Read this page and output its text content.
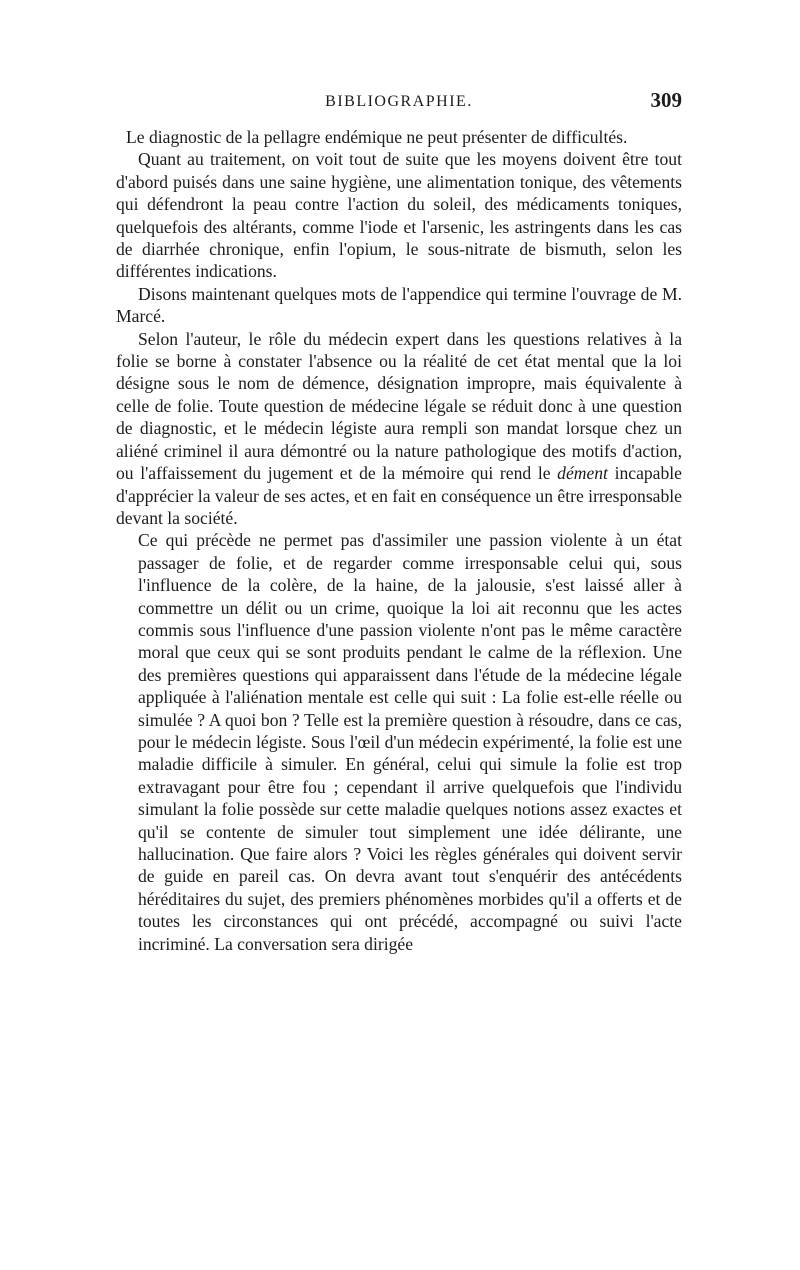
BIBLIOGRAPHIE.	309

Le diagnostic de la pellagre endémique ne peut présenter de difficultés.

Quant au traitement, on voit tout de suite que les moyens doivent être tout d'abord puisés dans une saine hygiène, une alimentation tonique, des vêtements qui défendront la peau contre l'action du soleil, des médicaments toniques, quelquefois des altérants, comme l'iode et l'arsenic, les astringents dans les cas de diarrhée chronique, enfin l'opium, le sous-nitrate de bismuth, selon les différentes indications.

Disons maintenant quelques mots de l'appendice qui termine l'ouvrage de M. Marcé.

Selon l'auteur, le rôle du médecin expert dans les questions relatives à la folie se borne à constater l'absence ou la réalité de cet état mental que la loi désigne sous le nom de démence, désignation impropre, mais équivalente à celle de folie. Toute question de médecine légale se réduit donc à une question de diagnostic, et le médecin légiste aura rempli son mandat lorsque chez un aliéné criminel il aura démontré ou la nature pathologique des motifs d'action, ou l'affaissement du jugement et de la mémoire qui rend le dément incapable d'apprécier la valeur de ses actes, et en fait en conséquence un être irresponsable devant la société.

Ce qui précède ne permet pas d'assimiler une passion violente à un état passager de folie, et de regarder comme irresponsable celui qui, sous l'influence de la colère, de la haine, de la jalousie, s'est laissé aller à commettre un délit ou un crime, quoique la loi ait reconnu que les actes commis sous l'influence d'une passion violente n'ont pas le même caractère moral que ceux qui se sont produits pendant le calme de la réflexion. Une des premières questions qui apparaissent dans l'étude de la médecine légale appliquée à l'aliénation mentale est celle qui suit : La folie est-elle réelle ou simulée ? A quoi bon ? Telle est la première question à résoudre, dans ce cas, pour le médecin légiste. Sous l'œil d'un médecin expérimenté, la folie est une maladie difficile à simuler. En général, celui qui simule la folie est trop extravagant pour être fou ; cependant il arrive quelquefois que l'individu simulant la folie possède sur cette maladie quelques notions assez exactes et qu'il se contente de simuler tout simplement une idée délirante, une hallucination. Que faire alors ? Voici les règles générales qui doivent servir de guide en pareil cas. On devra avant tout s'enquérir des antécédents héréditaires du sujet, des premiers phénomènes morbides qu'il a offerts et de toutes les circonstances qui ont précédé, accompagné ou suivi l'acte incriminé. La conversation sera dirigée
